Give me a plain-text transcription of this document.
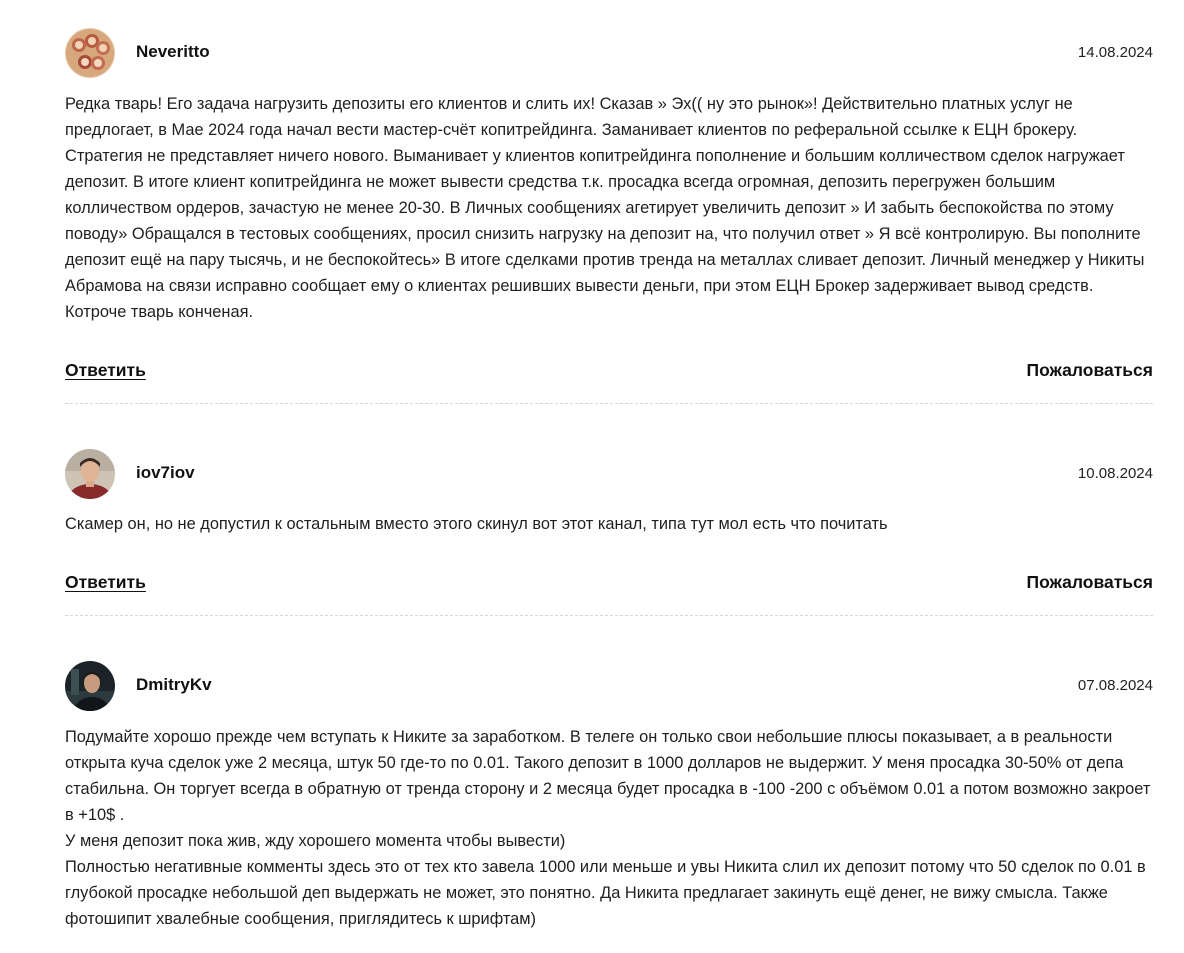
Neveritto	14.08.2024

Редка тварь! Его задача нагрузить депозиты его клиентов и слить их! Сказав » Эх(( ну это рынок»! Действительно платных услуг не предлогает, в Мае 2024 года начал вести мастер-счёт копитрейдинга. Заманивает клиентов по реферальной ссылке к ЕЦН брокеру. Стратегия не представляет ничего нового. Выманивает у клиентов копитрейдинга пополнение и большим колличеством сделок нагружает депозит. В итоге клиент копитрейдинга не может вывести средства т.к. просадка всегда огромная, депозить перегружен большим колличеством ордеров, зачастую не менее 20-30. В Личных сообщениях агетирует увеличить депозит » И забыть беспокойства по этому поводу» Обращался в тестовых сообщениях, просил снизить нагрузку на депозит на, что получил ответ » Я всё контролирую. Вы пополните депозит ещё на пару тысячь, и не беспокойтесь» В итоге сделками против тренда на металлах сливает депозит. Личный менеджер у Никиты Абрамова на связи исправно сообщает ему о клиентах решивших вывести деньги, при этом ЕЦН Брокер задерживает вывод средств. Котроче тварь конченая.

Ответить	Пожаловаться
iov7iov	10.08.2024

Скамер он, но не допустил к остальным вместо этого скинул вот этот канал, типа тут мол есть что почитать

Ответить	Пожаловаться
DmitryKv	07.08.2024

Подумайте хорошо прежде чем вступать к Никите за заработком. В телеге он только свои небольшие плюсы показывает, а в реальности открыта куча сделок уже 2 месяца, штук 50 где-то по 0.01. Такого депозит в 1000 долларов не выдержит. У меня просадка 30-50% от депа стабильна. Он торгует всегда в обратную от тренда сторону и 2 месяца будет просадка в -100 -200 с объёмом 0.01 а потом возможно закроет в +10$ .
У меня депозит пока жив, жду хорошего момента чтобы вывести)
Полностью негативные комменты здесь это от тех кто завела 1000 или меньше и увы Никита слил их депозит потому что 50 сделок по 0.01 в глубокой просадке небольшой деп выдержать не может, это понятно. Да Никита предлагает закинуть ещё денег, не вижу смысла. Также фотошипит хвалебные сообщения, приглядитесь к шрифтам)
